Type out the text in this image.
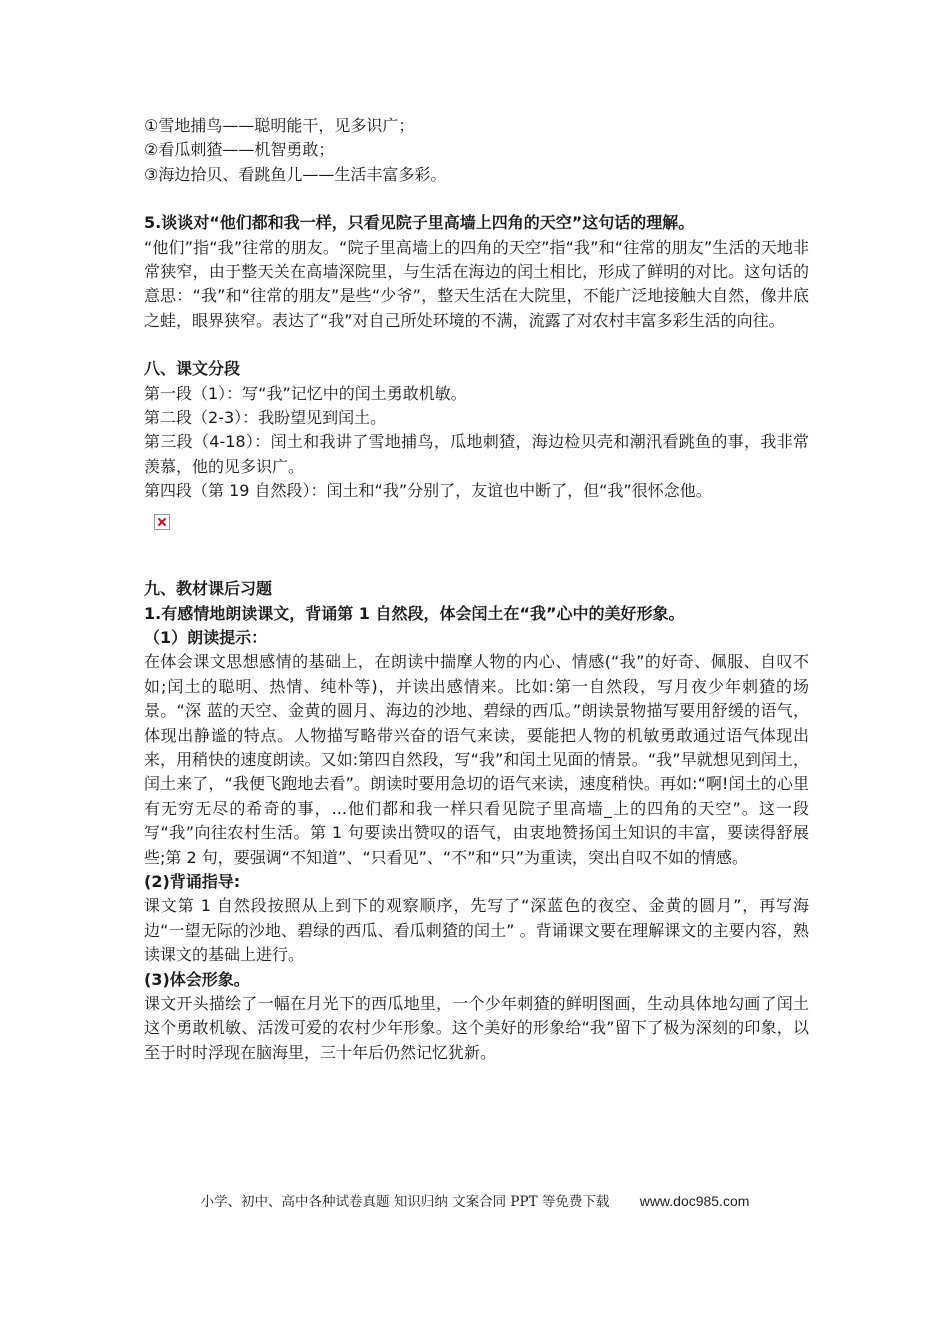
①雪地捕鸟——聪明能干，见多识广；

②看瓜刺猹——机智勇敢；

③海边拾贝、看跳鱼儿——生活丰富多彩。

5.谈谈对“他们都和我一样，只看见院子里高墙上四角的天空”这句话的理解。

“他们”指“我”往常的朋友。“院子里高墙上的四角的天空”指“我”和“往常的朋友”生活的天地非常狭窄，由于整天关在高墙深院里，与生活在海边的闰土相比，形成了鲜明的对比。这句话的意思：“我”和“往常的朋友”是些“少爷”，整天生活在大院里，不能广泛地接触大自然，像井底之蛙，眼界狭窄。表达了“我”对自己所处环境的不满，流露了对农村丰富多彩生活的向往。

八、课文分段

第一段（1）：写“我”记忆中的闰土勇敢机敏。

第二段（2-3）：我盼望见到闰土。

第三段（4-18）：闰土和我讲了雪地捕鸟，瓜地刺猹，海边检贝壳和潮汛看跳鱼的事，我非常羡慕，他的见多识广。

第四段（第 19 自然段）：闰土和“我”分别了，友谊也中断了，但“我”很怀念他。

九、教材课后习题

1.有感情地朗读课文，背诵第 1 自然段，体会闰土在“我”心中的美好形象。

（1）朗读提示：

在体会课文思想感情的基础上，在朗读中揣摩人物的内心、情感(“我”的好奇、佩服、自叹不如;闰土的聪明、热情、纯朴等)，并读出感情来。比如:第一自然段，写月夜少年刺猹的场景。“深 蓝的天空、金黄的圆月、海边的沙地、碧绿的西瓜。”朗读景物描写要用舒缓的语气，体现出静谧的特点。人物描写略带兴奋的语气来读，要能把人物的机敏勇敢通过语气体现出来，用稍快的速度朗读。又如:第四自然段，写“我”和闰土见面的情景。“我”早就想见到闰土，闰土来了，“我便飞跑地去看”。朗读时要用急切的语气来读，速度稍快。再如:“啊!闰土的心里有无穷无尽的希奇的事，...他们都和我一样只看见院子里高墙_上的四角的天空”。这一段写“我”向往农村生活。第 1 句要读出赞叹的语气，由衷地赞扬闰土知识的丰富，要读得舒展些;第 2 句，要强调“不知道”、“只看见”、“不”和“只”为重读，突出自叹不如的情感。

(2)背诵指导:

课文第 1 自然段按照从上到下的观察顺序，先写了“深蓝色的夜空、金黄的圆月”，再写海边“一望无际的沙地、碧绿的西瓜、看瓜刺猹的闰土” 。背诵课文要在理解课文的主要内容，熟读课文的基础上进行。

(3)体会形象。

课文开头描绘了一幅在月光下的西瓜地里，一个少年刺猹的鲜明图画，生动具体地勾画了闰土这个勇敢机敏、活泼可爱的农村少年形象。这个美好的形象给“我”留下了极为深刻的印象，以至于时时浮现在脑海里，三十年后仍然记忆犹新。

小学、初中、高中各种试卷真题 知识归纳 文案合同 PPT 等免费下载 www.doc985.com
